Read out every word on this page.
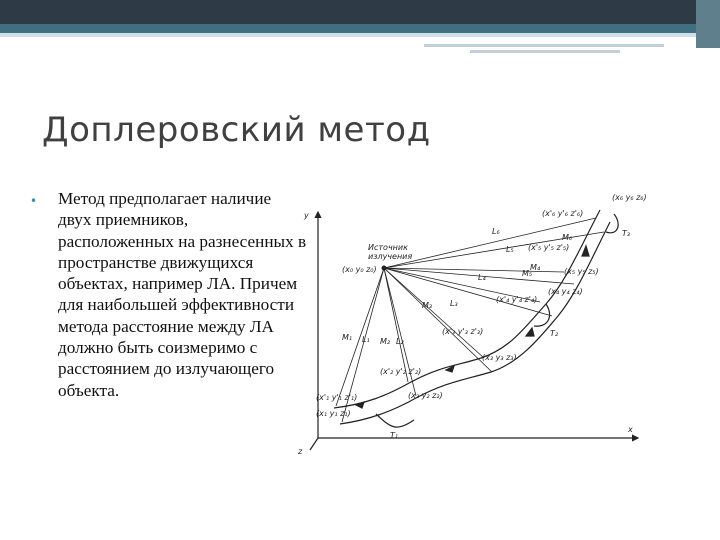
Доплеровский метод
• Метод предполагает наличие двух приемников, расположенных на разнесенных в пространстве движущихся объектах, например ЛА. Причем для наибольшей эффективности метода расстояние между ЛА должно быть соизмеримо с расстоянием до излучающего объекта.
y
x
z
Источник
излучения
(x₀ y₀ z₀)
(x'₁ y'₁ z'₁)
(x₁ y₁ z₁)
(x'₂ y'₂ z'₂)
(x₂ y₂ z₂)
(x'₃ y'₃ z'₃)
(x₃ y₃ z₃)
(x'₄ y'₄ z'₄)
(x₄ y₄ z₄)
(x'₅ y'₅ z'₅)
(x₅ y₅ z₅)
(x'₆ y'₆ z'₆)
(x₆ y₆ z₆)
M₁ L₁ M₂ L₂
M₃ L₃
L₄
M₄
M₅
L₅
L₆
M₆
T₁
T₂
T₃
